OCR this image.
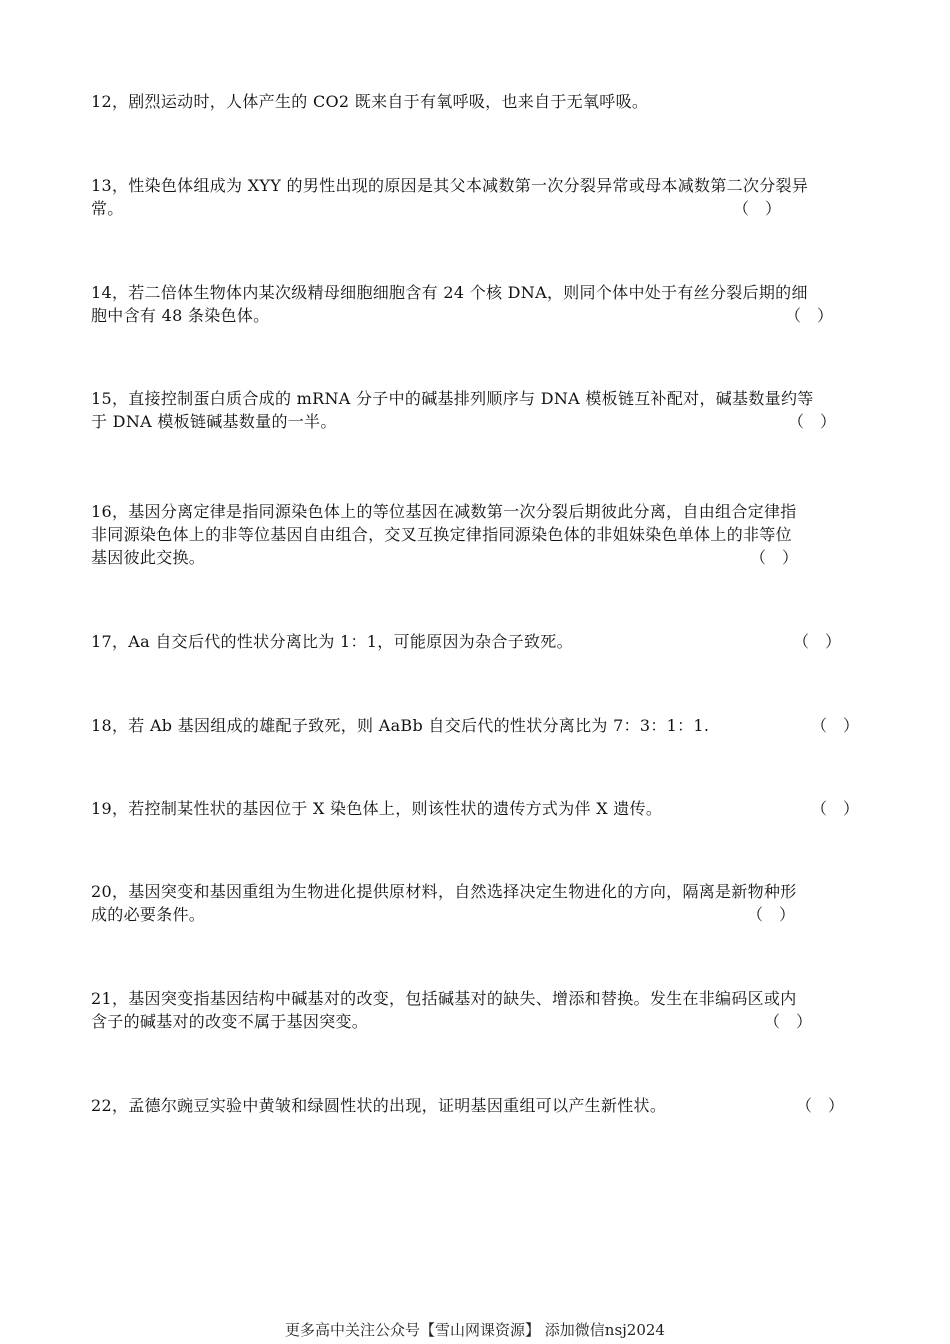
12，剧烈运动时，人体产生的 CO2 既来自于有氧呼吸，也来自于无氧呼吸。
13，性染色体组成为 XYY 的男性出现的原因是其父本减数第一次分裂异常或母本减数第二次分裂异
常。	（　）
14，若二倍体生物体内某次级精母细胞细胞含有 24 个核 DNA，则同个体中处于有丝分裂后期的细
胞中含有 48 条染色体。	（　）
15，直接控制蛋白质合成的 mRNA 分子中的碱基排列顺序与 DNA 模板链互补配对，碱基数量约等
于 DNA 模板链碱基数量的一半。	（　）
16，基因分离定律是指同源染色体上的等位基因在减数第一次分裂后期彼此分离，自由组合定律指
非同源染色体上的非等位基因自由组合，交叉互换定律指同源染色体的非姐妹染色单体上的非等位
基因彼此交换。	（　）
17，Aa 自交后代的性状分离比为 1：1，可能原因为杂合子致死。	（　）
18，若 Ab 基因组成的雄配子致死，则 AaBb 自交后代的性状分离比为 7：3：1：1.	（　）
19，若控制某性状的基因位于 X 染色体上，则该性状的遗传方式为伴 X 遗传。	（　）
20，基因突变和基因重组为生物进化提供原材料，自然选择决定生物进化的方向，隔离是新物种形
成的必要条件。	（　）
21，基因突变指基因结构中碱基对的改变，包括碱基对的缺失、增添和替换。发生在非编码区或内
含子的碱基对的改变不属于基因突变。	（　）
22，孟德尔豌豆实验中黄皱和绿圆性状的出现，证明基因重组可以产生新性状。	（　）
更多高中关注公众号【雪山网课资源】 添加微信nsj2024
